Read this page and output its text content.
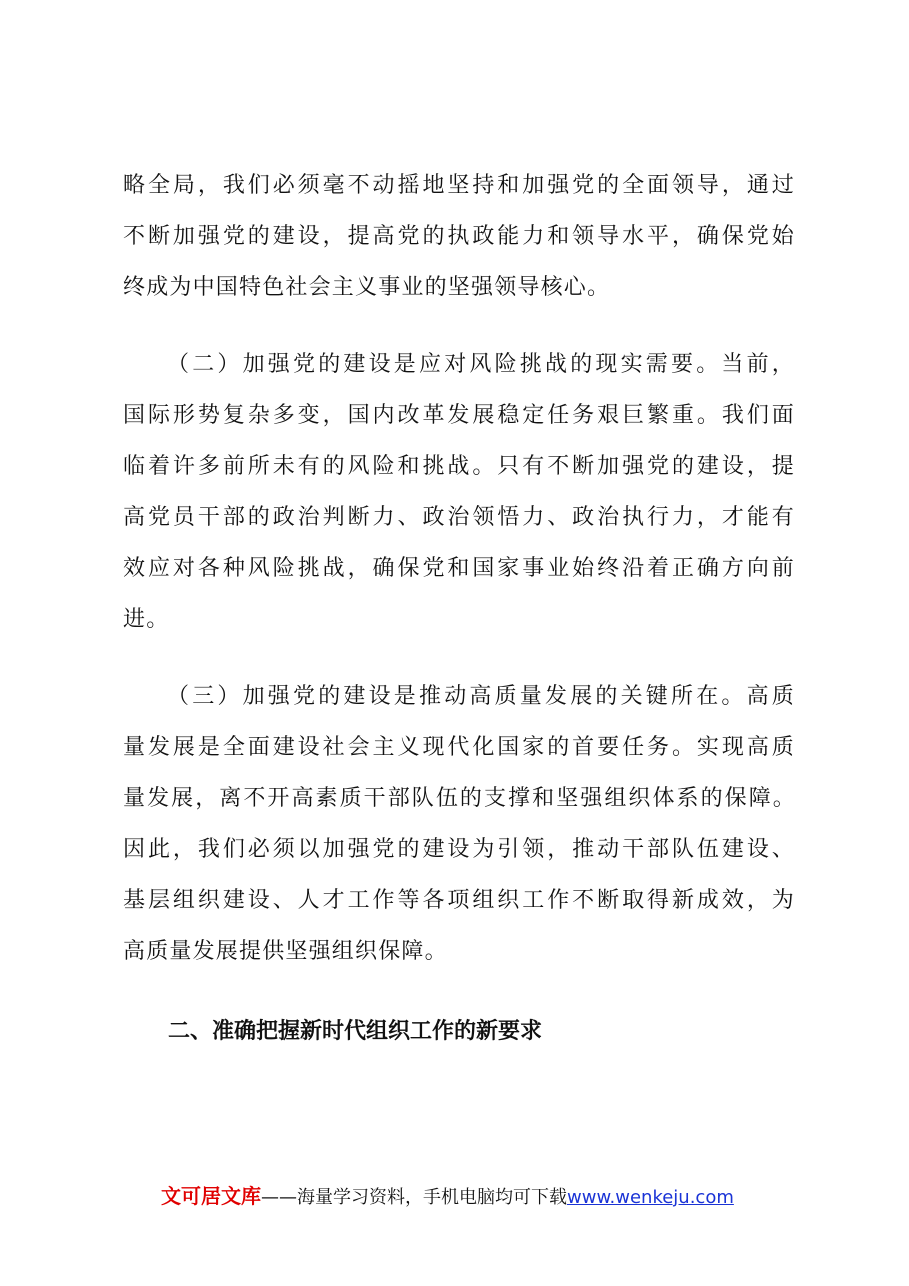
略全局，我们必须毫不动摇地坚持和加强党的全面领导，通过
不断加强党的建设，提高党的执政能力和领导水平，确保党始
终成为中国特色社会主义事业的坚强领导核心。
（二）加强党的建设是应对风险挑战的现实需要。当前，
国际形势复杂多变，国内改革发展稳定任务艰巨繁重。我们面
临着许多前所未有的风险和挑战。只有不断加强党的建设，提
高党员干部的政治判断力、政治领悟力、政治执行力，才能有
效应对各种风险挑战，确保党和国家事业始终沿着正确方向前
进。
（三）加强党的建设是推动高质量发展的关键所在。高质
量发展是全面建设社会主义现代化国家的首要任务。实现高质
量发展，离不开高素质干部队伍的支撑和坚强组织体系的保障。
因此，我们必须以加强党的建设为引领，推动干部队伍建设、
基层组织建设、人才工作等各项组织工作不断取得新成效，为
高质量发展提供坚强组织保障。
二、准确把握新时代组织工作的新要求
文可居文库——海量学习资料，手机电脑均可下载www.wenkeju.com
